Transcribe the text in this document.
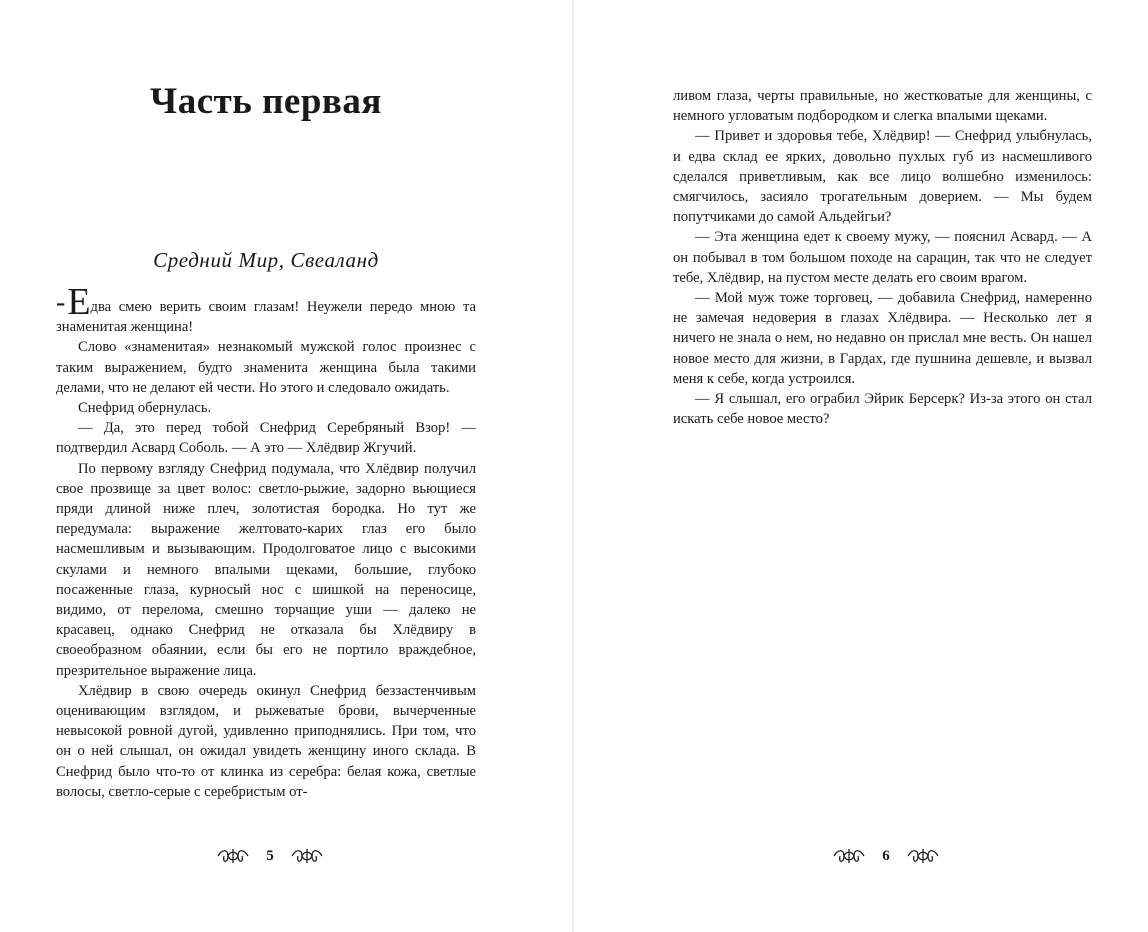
Часть первая
Средний Мир, Свеаланд

-Едва смею верить своим глазам! Неужели передо мною та знаменитая женщина!

Слово «знаменитая» незнакомый мужской голос произнес с таким выражением, будто знаменита женщина была такими делами, что не делают ей чести. Но этого и следовало ожидать.

Снефрид обернулась.

— Да, это перед тобой Снефрид Серебряный Взор! — подтвердил Асвард Соболь. — А это — Хлёдвир Жгучий.

По первому взгляду Снефрид подумала, что Хлёдвир получил свое прозвище за цвет волос: светло-рыжие, задорно вьющиеся пряди длиной ниже плеч, золотистая бородка. Но тут же передумала: выражение желтовато-карих глаз его было насмешливым и вызывающим. Продолговатое лицо с высокими скулами и немного впалыми щеками, большие, глубоко посаженные глаза, курносый нос с шишкой на переносице, видимо, от перелома, смешно торчащие уши — далеко не красавец, однако Снефрид не отказала бы Хлёдвиру в своеобразном обаянии, если бы его не портило враждебное, презрительное выражение лица.

Хлёдвир в свою очередь окинул Снефрид беззастенчивым оценивающим взглядом, и рыжеватые брови, вычерченные невысокой ровной дугой, удивленно приподнялись. При том, что он о ней слышал, он ожидал увидеть женщину иного склада. В Снефрид было что-то от клинка из серебра: белая кожа, светлые волосы, светло-серые с серебристым от-

5

ливом глаза, черты правильные, но жестковатые для женщины, с немного угловатым подбородком и слегка впалыми щеками.

— Привет и здоровья тебе, Хлёдвир! — Снефрид улыбнулась, и едва склад ее ярких, довольно пухлых губ из насмешливого сделался приветливым, как все лицо волшебно изменилось: смягчилось, засияло трогательным доверием. — Мы будем попутчиками до самой Альдейгьи?

— Эта женщина едет к своему мужу, — пояснил Асвард. — А он побывал в том большом походе на сарацин, так что не следует тебе, Хлёдвир, на пустом месте делать его своим врагом.

— Мой муж тоже торговец, — добавила Снефрид, намеренно не замечая недоверия в глазах Хлёдвира. — Несколько лет я ничего не знала о нем, но недавно он прислал мне весть. Он нашел новое место для жизни, в Гардах, где пушнина дешевле, и вызвал меня к себе, когда устроился.

— Я слышал, его ограбил Эйрик Берсерк? Из-за этого он стал искать себе новое место?

6
